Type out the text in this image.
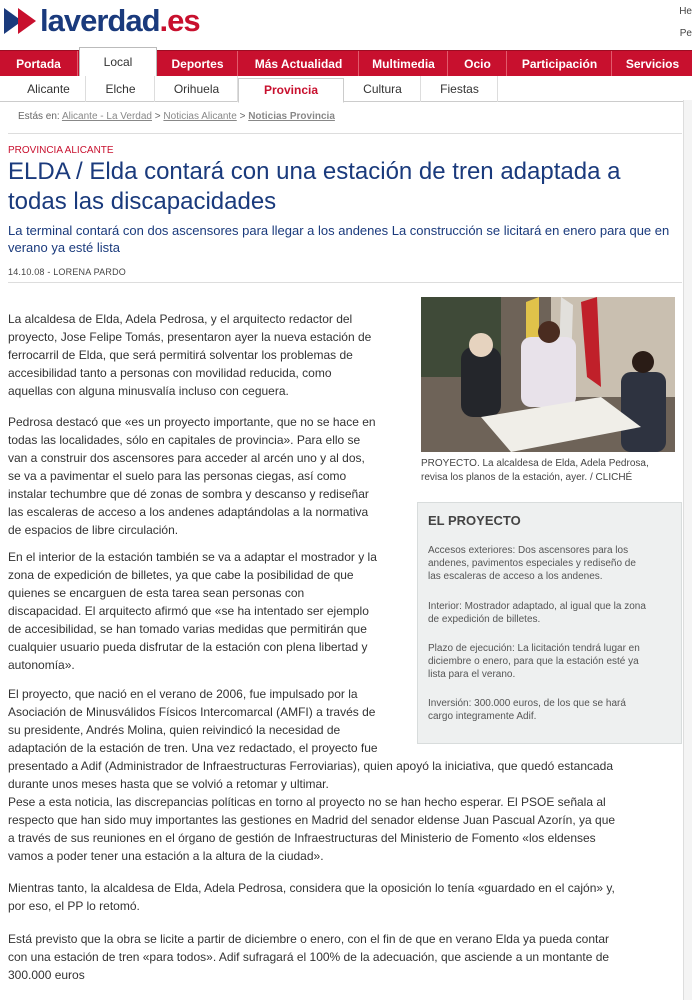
laverdad.es	He
Pe
Portada	Local	Deportes	Más Actualidad	Multimedia	Ocio	Participación	Servicios
Alicante	Elche	Orihuela	Provincia	Cultura	Fiestas
Estás en: Alicante - La Verdad > Noticias Alicante > Noticias Provincia
PROVINCIA ALICANTE
ELDA / Elda contará con una estación de tren adaptada a todas las discapacidades
La terminal contará con dos ascensores para llegar a los andenes La construcción se licitará en enero para que en verano ya esté lista
14.10.08 - LORENA PARDO
La alcaldesa de Elda, Adela Pedrosa, y el arquitecto redactor del
proyecto, Jose Felipe Tomás, presentaron ayer la nueva estación de
ferrocarril de Elda, que será permitirá solventar los problemas de
accesibilidad tanto a personas con movilidad reducida, como
aquellas con alguna minusvalía incluso con ceguera.
Pedrosa destacó que «es un proyecto importante, que no se hace en
todas las localidades, sólo en capitales de provincia». Para ello se
van a construir dos ascensores para acceder al arcén uno y al dos,
se va a pavimentar el suelo para las personas ciegas, así como
instalar techumbre que dé zonas de sombra y descanso y rediseñar
las escaleras de acceso a los andenes adaptándolas a la normativa
de espacios de libre circulación.
En el interior de la estación también se va a adaptar el mostrador y la
zona de expedición de billetes, ya que cabe la posibilidad de que
quienes se encarguen de esta tarea sean personas con
discapacidad. El arquitecto afirmó que «se ha intentado ser ejemplo
de accesibilidad, se han tomado varias medidas que permitirán que
cualquier usuario pueda disfrutar de la estación con plena libertad y
autonomía».
El proyecto, que nació en el verano de 2006, fue impulsado por la
Asociación de Minusválidos Físicos Intercomarcal (AMFI) a través de
su presidente, Andrés Molina, quien reivindicó la necesidad de
adaptación de la estación de tren. Una vez redactado, el proyecto fue
presentado a Adif (Administrador de Infraestructuras Ferroviarias), quien apoyó la iniciativa, que quedó estancada
durante unos meses hasta que se volvió a retomar y ultimar.
Pese a esta noticia, las discrepancias políticas en torno al proyecto no se han hecho esperar. El PSOE señala al
respecto que han sido muy importantes las gestiones en Madrid del senador eldense Juan Pascual Azorín, ya que
a través de sus reuniones en el órgano de gestión de Infraestructuras del Ministerio de Fomento «los eldenses
vamos a poder tener una estación a la altura de la ciudad».
Mientras tanto, la alcaldesa de Elda, Adela Pedrosa, considera que la oposición lo tenía «guardado en el cajón» y,
por eso, el PP lo retomó.
Está previsto que la obra se licite a partir de diciembre o enero, con el fin de que en verano Elda ya pueda contar
con una estación de tren «para todos». Adif sufragará el 100% de la adecuación, que asciende a un montante de
300.000 euros
PROYECTO. La alcaldesa de Elda, Adela Pedrosa,
revisa los planos de la estación, ayer. / CLICHÉ
EL PROYECTO
Accesos exteriores: Dos ascensores para los
andenes, pavimentos especiales y rediseño de
las escaleras de acceso a los andenes.
Interior: Mostrador adaptado, al igual que la zona
de expedición de billetes.
Plazo de ejecución: La licitación tendrá lugar en
diciembre o enero, para que la estación esté ya
lista para el verano.
Inversión: 300.000 euros, de los que se hará
cargo integramente Adif.
